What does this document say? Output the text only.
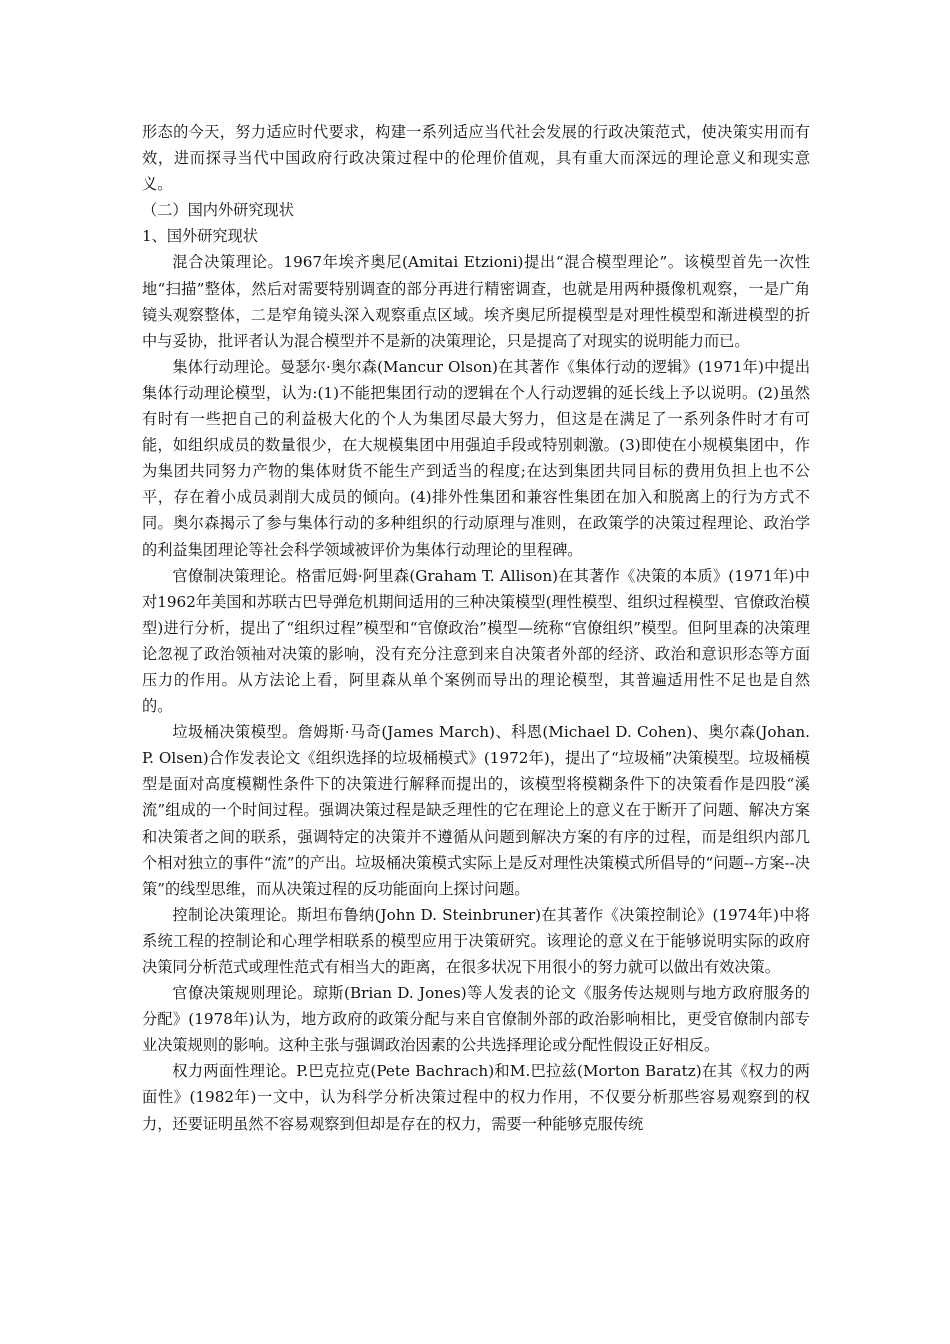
形态的今天，努力适应时代要求，构建一系列适应当代社会发展的行政决策范式，使决策实用而有效，进而探寻当代中国政府行政决策过程中的伦理价值观，具有重大而深远的理论意义和现实意义。

（二）国内外研究现状

1、国外研究现状

混合决策理论。1967年埃齐奥尼(Amitai Etzioni)提出“混合模型理论”。该模型首先一次性地“扫描”整体，然后对需要特别调查的部分再进行精密调查，也就是用两种摄像机观察，一是广角镜头观察整体，二是窄角镜头深入观察重点区域。埃齐奥尼所提模型是对理性模型和渐进模型的折中与妥协，批评者认为混合模型并不是新的决策理论，只是提高了对现实的说明能力而已。

集体行动理论。曼瑟尔·奥尔森(Mancur Olson)在其著作《集体行动的逻辑》(1971年)中提出集体行动理论模型，认为:(1)不能把集团行动的逻辑在个人行动逻辑的延长线上予以说明。(2)虽然有时有一些把自己的利益极大化的个人为集团尽最大努力，但这是在满足了一系列条件时才有可能，如组织成员的数量很少，在大规模集团中用强迫手段或特别刺激。(3)即使在小规模集团中，作为集团共同努力产物的集体财货不能生产到适当的程度;在达到集团共同目标的费用负担上也不公平，存在着小成员剥削大成员的倾向。(4)排外性集团和兼容性集团在加入和脱离上的行为方式不同。奥尔森揭示了参与集体行动的多种组织的行动原理与准则，在政策学的决策过程理论、政治学的利益集团理论等社会科学领域被评价为集体行动理论的里程碑。

官僚制决策理论。格雷厄姆·阿里森(Graham T. Allison)在其著作《决策的本质》(1971年)中对1962年美国和苏联古巴导弹危机期间适用的三种决策模型(理性模型、组织过程模型、官僚政治模型)进行分析，提出了“组织过程”模型和“官僚政治”模型—统称“官僚组织”模型。但阿里森的决策理论忽视了政治领袖对决策的影响，没有充分注意到来自决策者外部的经济、政治和意识形态等方面压力的作用。从方法论上看，阿里森从单个案例而导出的理论模型，其普遍适用性不足也是自然的。

垃圾桶决策模型。詹姆斯·马奇(James March)、科恩(Michael D. Cohen)、奥尔森(Johan. P. Olsen)合作发表论文《组织选择的垃圾桶模式》(1972年)，提出了“垃圾桶”决策模型。垃圾桶模型是面对高度模糊性条件下的决策进行解释而提出的，该模型将模糊条件下的决策看作是四股“溪流”组成的一个时间过程。强调决策过程是缺乏理性的它在理论上的意义在于断开了问题、解决方案和决策者之间的联系，强调特定的决策并不遵循从问题到解决方案的有序的过程，而是组织内部几个相对独立的事件“流”的产出。垃圾桶决策模式实际上是反对理性决策模式所倡导的“问题--方案--决策”的线型思维，而从决策过程的反功能面向上探讨问题。

控制论决策理论。斯坦布鲁纳(John D. Steinbruner)在其著作《决策控制论》(1974年)中将系统工程的控制论和心理学相联系的模型应用于决策研究。该理论的意义在于能够说明实际的政府决策同分析范式或理性范式有相当大的距离，在很多状况下用很小的努力就可以做出有效决策。

官僚决策规则理论。琼斯(Brian D. Jones)等人发表的论文《服务传达规则与地方政府服务的分配》(1978年)认为，地方政府的政策分配与来自官僚制外部的政治影响相比，更受官僚制内部专业决策规则的影响。这种主张与强调政治因素的公共选择理论或分配性假设正好相反。

权力两面性理论。P.巴克拉克(Pete Bachrach)和M.巴拉兹(Morton Baratz)在其《权力的两面性》(1982年)一文中，认为科学分析决策过程中的权力作用，不仅要分析那些容易观察到的权力，还要证明虽然不容易观察到但却是存在的权力，需要一种能够克服传统
